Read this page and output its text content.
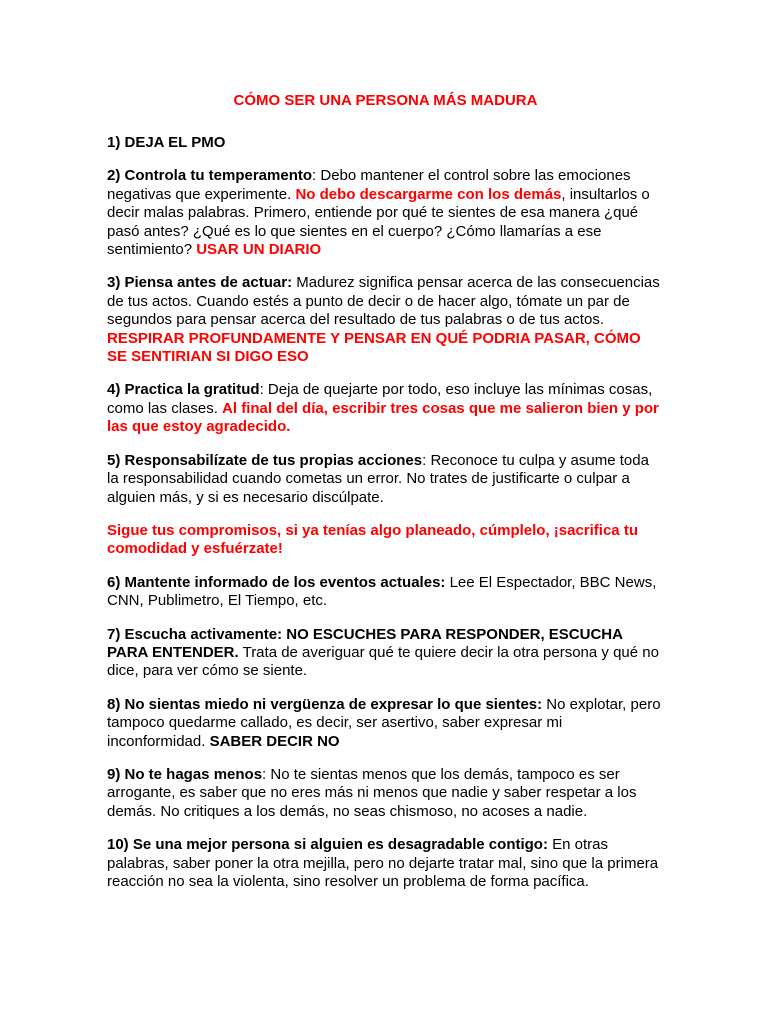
CÓMO SER UNA PERSONA MÁS MADURA
1) DEJA EL PMO
2) Controla tu temperamento: Debo mantener el control sobre las emociones negativas que experimente. No debo descargarme con los demás, insultarlos o decir malas palabras. Primero, entiende por qué te sientes de esa manera ¿qué pasó antes? ¿Qué es lo que sientes en el cuerpo? ¿Cómo llamarías a ese sentimiento? USAR UN DIARIO
3) Piensa antes de actuar: Madurez significa pensar acerca de las consecuencias de tus actos. Cuando estés a punto de decir o de hacer algo, tómate un par de segundos para pensar acerca del resultado de tus palabras o de tus actos. RESPIRAR PROFUNDAMENTE Y PENSAR EN QUÉ PODRIA PASAR, CÓMO SE SENTIRIAN SI DIGO ESO
4) Practica la gratitud: Deja de quejarte por todo, eso incluye las mínimas cosas, como las clases. Al final del día, escribir tres cosas que me salieron bien y por las que estoy agradecido.
5) Responsabilízate de tus propias acciones: Reconoce tu culpa y asume toda la responsabilidad cuando cometas un error. No trates de justificarte o culpar a alguien más, y si es necesario discúlpate.
Sigue tus compromisos, si ya tenías algo planeado, cúmplelo, ¡sacrifica tu comodidad y esfuérzate!
6) Mantente informado de los eventos actuales: Lee El Espectador, BBC News, CNN, Publimetro, El Tiempo, etc.
7) Escucha activamente: NO ESCUCHES PARA RESPONDER, ESCUCHA PARA ENTENDER. Trata de averiguar qué te quiere decir la otra persona y qué no dice, para ver cómo se siente.
8) No sientas miedo ni vergüenza de expresar lo que sientes: No explotar, pero tampoco quedarme callado, es decir, ser asertivo, saber expresar mi inconformidad. SABER DECIR NO
9) No te hagas menos: No te sientas menos que los demás, tampoco es ser arrogante, es saber que no eres más ni menos que nadie y saber respetar a los demás. No critiques a los demás, no seas chismoso, no acoses a nadie.
10) Se una mejor persona si alguien es desagradable contigo: En otras palabras, saber poner la otra mejilla, pero no dejarte tratar mal, sino que la primera reacción no sea la violenta, sino resolver un problema de forma pacífica.
